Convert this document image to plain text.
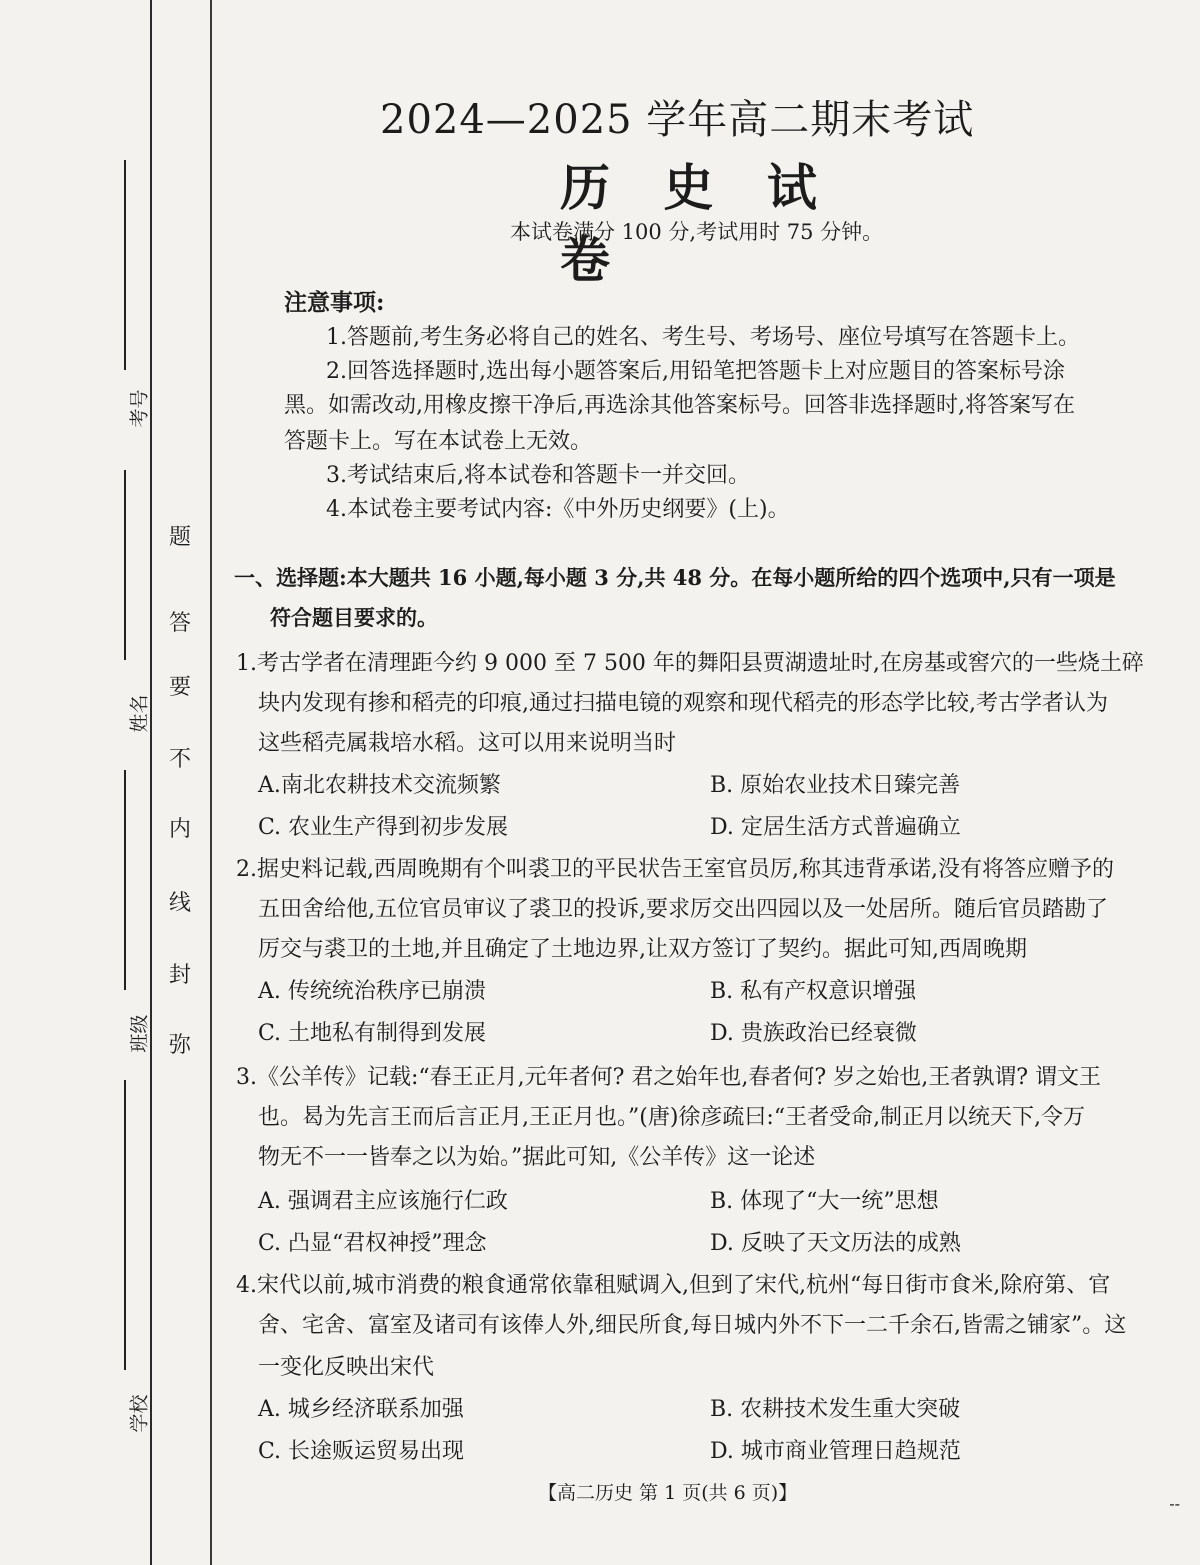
考号
姓名
班级
学校
题
答
要
不
内
线
封
弥
2024—2025 学年高二期末考试
历 史 试 卷
本试卷满分 100 分,考试用时 75 分钟。
注意事项:
1.答题前,考生务必将自己的姓名、考生号、考场号、座位号填写在答题卡上。
2.回答选择题时,选出每小题答案后,用铅笔把答题卡上对应题目的答案标号涂
黑。如需改动,用橡皮擦干净后,再选涂其他答案标号。回答非选择题时,将答案写在
答题卡上。写在本试卷上无效。
3.考试结束后,将本试卷和答题卡一并交回。
4.本试卷主要考试内容:《中外历史纲要》(上)。
一、选择题:本大题共 16 小题,每小题 3 分,共 48 分。在每小题所给的四个选项中,只有一项是
符合题目要求的。
1.考古学者在清理距今约 9 000 至 7 500 年的舞阳县贾湖遗址时,在房基或窖穴的一些烧土碎
块内发现有掺和稻壳的印痕,通过扫描电镜的观察和现代稻壳的形态学比较,考古学者认为
这些稻壳属栽培水稻。这可以用来说明当时
A.南北农耕技术交流频繁	B. 原始农业技术日臻完善
C. 农业生产得到初步发展	D. 定居生活方式普遍确立
2.据史料记载,西周晚期有个叫裘卫的平民状告王室官员厉,称其违背承诺,没有将答应赠予的
五田舍给他,五位官员审议了裘卫的投诉,要求厉交出四园以及一处居所。随后官员踏勘了
厉交与裘卫的土地,并且确定了土地边界,让双方签订了契约。据此可知,西周晚期
A. 传统统治秩序已崩溃	B. 私有产权意识增强
C. 土地私有制得到发展	D. 贵族政治已经衰微
3.《公羊传》记载:“春王正月,元年者何? 君之始年也,春者何? 岁之始也,王者孰谓? 谓文王
也。曷为先言王而后言正月,王正月也。”(唐)徐彦疏曰:“王者受命,制正月以统天下,令万
物无不一一皆奉之以为始。”据此可知,《公羊传》这一论述
A. 强调君主应该施行仁政	B. 体现了“大一统”思想
C. 凸显“君权神授”理念	D. 反映了天文历法的成熟
4.宋代以前,城市消费的粮食通常依靠租赋调入,但到了宋代,杭州“每日街市食米,除府第、官
舍、宅舍、富室及诸司有该俸人外,细民所食,每日城内外不下一二千余石,皆需之铺家”。这
一变化反映出宋代
A. 城乡经济联系加强	B. 农耕技术发生重大突破
C. 长途贩运贸易出现	D. 城市商业管理日趋规范
【高二历史 第 1 页(共 6 页)】	--
